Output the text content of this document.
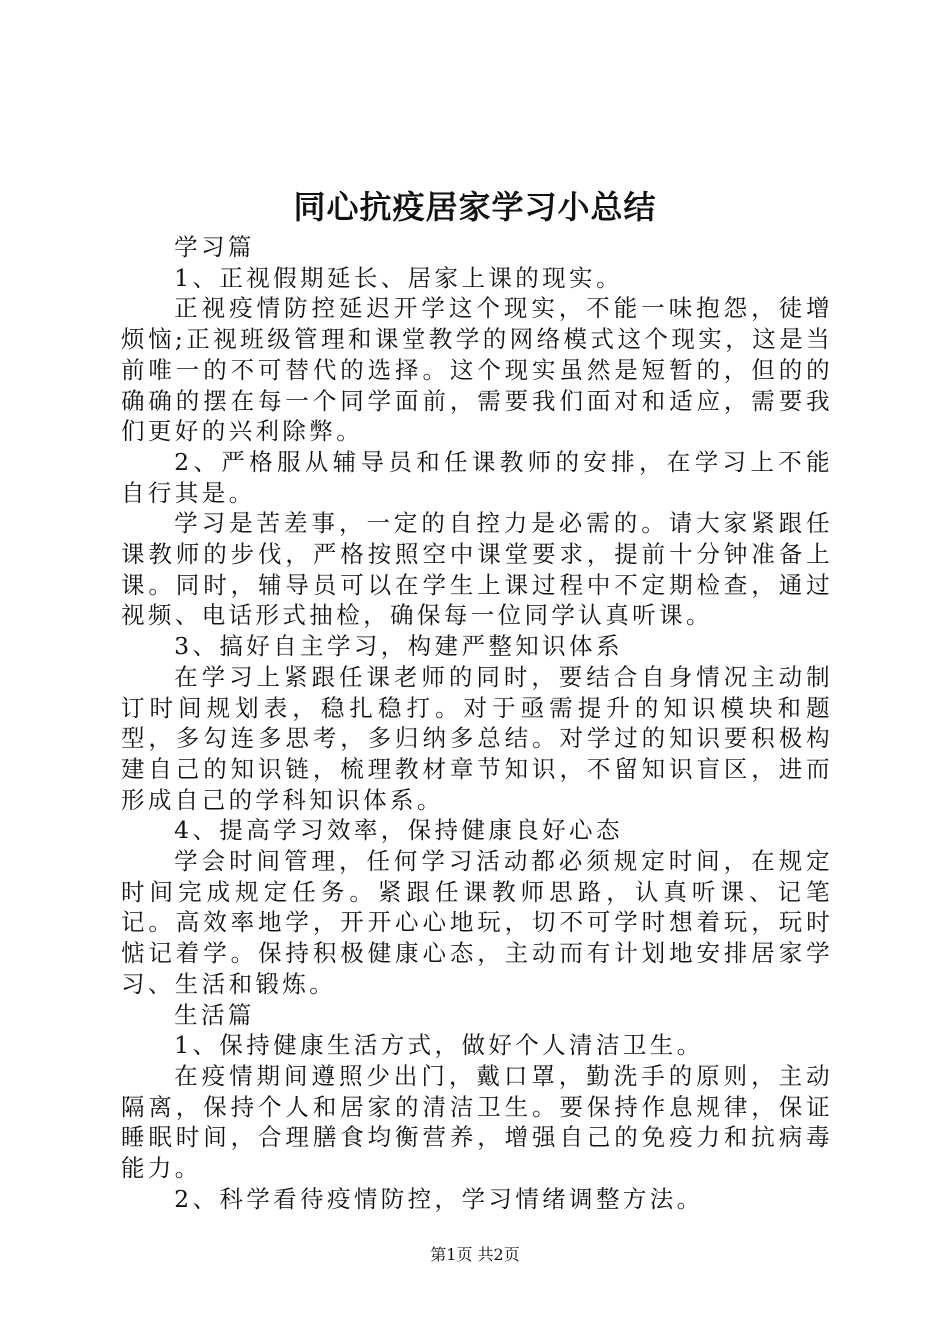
同心抗疫居家学习小总结

学习篇

1、正视假期延长、居家上课的现实。

正视疫情防控延迟开学这个现实，不能一味抱怨，徒增烦恼;正视班级管理和课堂教学的网络模式这个现实，这是当前唯一的不可替代的选择。这个现实虽然是短暂的，但的的确确的摆在每一个同学面前，需要我们面对和适应，需要我们更好的兴利除弊。

2、严格服从辅导员和任课教师的安排，在学习上不能自行其是。

学习是苦差事，一定的自控力是必需的。请大家紧跟任课教师的步伐，严格按照空中课堂要求，提前十分钟准备上课。同时，辅导员可以在学生上课过程中不定期检查，通过视频、电话形式抽检，确保每一位同学认真听课。

3、搞好自主学习，构建严整知识体系

在学习上紧跟任课老师的同时，要结合自身情况主动制订时间规划表，稳扎稳打。对于亟需提升的知识模块和题型，多勾连多思考，多归纳多总结。对学过的知识要积极构建自己的知识链，梳理教材章节知识，不留知识盲区，进而形成自己的学科知识体系。

4、提高学习效率，保持健康良好心态

学会时间管理，任何学习活动都必须规定时间，在规定时间完成规定任务。紧跟任课教师思路，认真听课、记笔记。高效率地学，开开心心地玩，切不可学时想着玩，玩时惦记着学。保持积极健康心态，主动而有计划地安排居家学习、生活和锻炼。

生活篇

1、保持健康生活方式，做好个人清洁卫生。

在疫情期间遵照少出门，戴口罩，勤洗手的原则，主动隔离，保持个人和居家的清洁卫生。要保持作息规律，保证睡眠时间，合理膳食均衡营养，增强自己的免疫力和抗病毒能力。

2、科学看待疫情防控，学习情绪调整方法。

第1页 共2页
